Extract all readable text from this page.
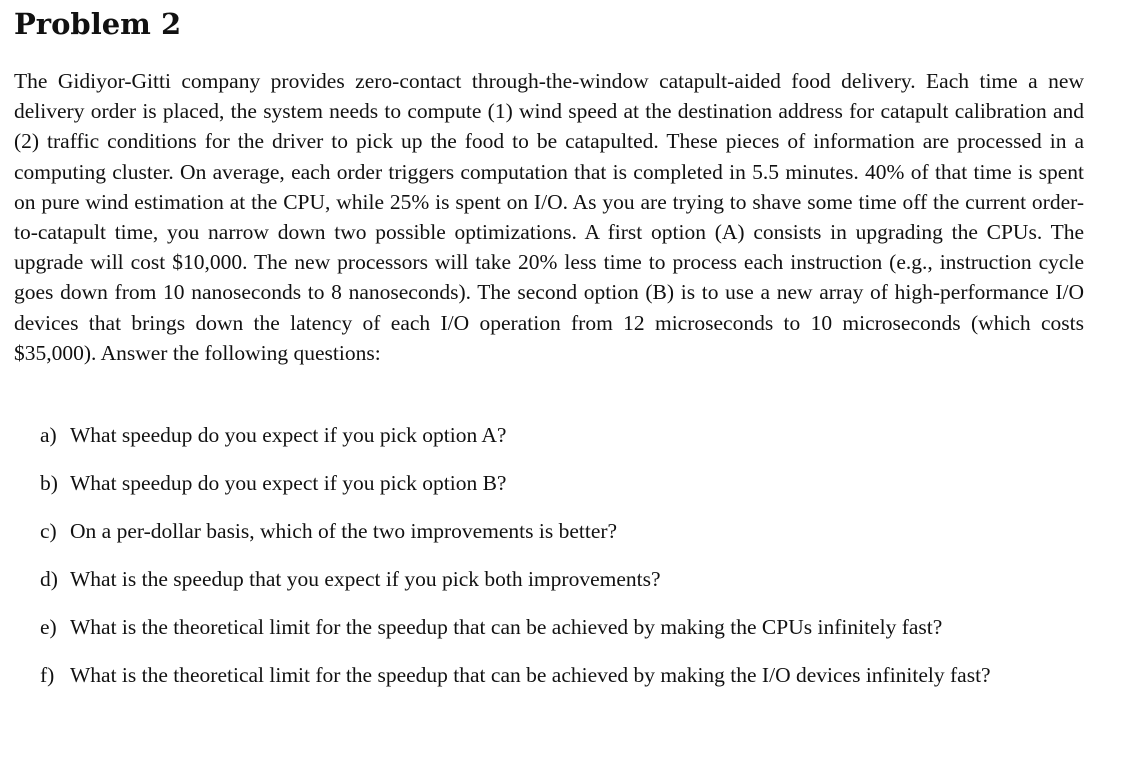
Problem 2

The Gidiyor-Gitti company provides zero-contact through-the-window catapult-aided food delivery. Each time a new delivery order is placed, the system needs to compute (1) wind speed at the destination address for catapult calibration and (2) traffic conditions for the driver to pick up the food to be catapulted. These pieces of information are processed in a computing cluster. On average, each order triggers computation that is completed in 5.5 minutes. 40% of that time is spent on pure wind estimation at the CPU, while 25% is spent on I/O. As you are trying to shave some time off the current order-to-catapult time, you narrow down two possible optimizations. A first option (A) consists in upgrading the CPUs. The upgrade will cost $10,000. The new processors will take 20% less time to process each instruction (e.g., instruction cycle goes down from 10 nanoseconds to 8 nanoseconds). The second option (B) is to use a new array of high-performance I/O devices that brings down the latency of each I/O operation from 12 microseconds to 10 microseconds (which costs $35,000). Answer the following questions:

a) What speedup do you expect if you pick option A?
b) What speedup do you expect if you pick option B?
c) On a per-dollar basis, which of the two improvements is better?
d) What is the speedup that you expect if you pick both improvements?
e) What is the theoretical limit for the speedup that can be achieved by making the CPUs infinitely fast?
f) What is the theoretical limit for the speedup that can be achieved by making the I/O devices infinitely fast?
